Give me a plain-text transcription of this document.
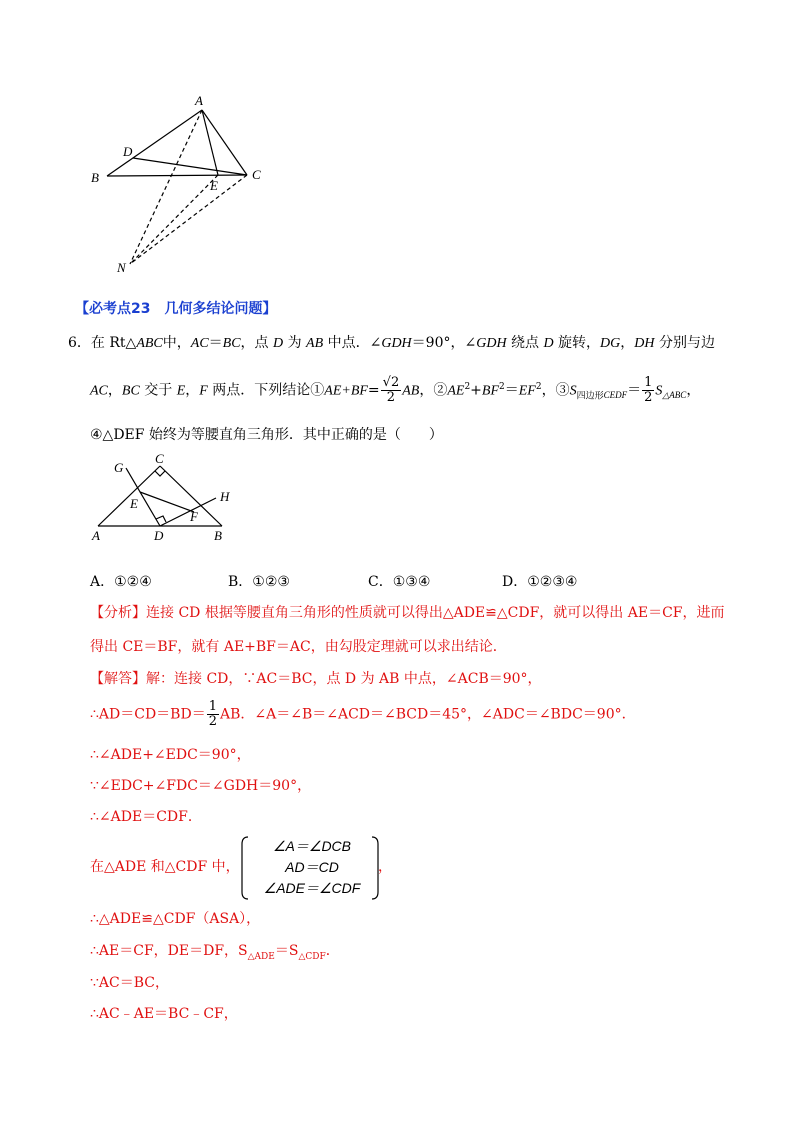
A
B	C
D
E
N
【必考点23　几何多结论问题】
6．在 Rt△ABC中，AC＝BC，点 D 为 AB 中点．∠GDH＝90°，∠GDH 绕点 D 旋转，DG，DH 分别与边
AC，BC 交于 E，F 两点．下列结论①AE+BF= $\frac{√2}{2}$ AB，$②AE^2+BF^2=EF^2$，$③S_{四边形CEDF}= \frac{1}{2} S_{\triangle ABC}$，
④△DEF 始终为等腰直角三角形．其中正确的是（　　）
G
C
H
E
F
A	D	B
A．①②④	B．①②③	C．①③④	D．①②③④
【分析】连接 CD 根据等腰直角三角形的性质就可以得出△ADE≌△CDF，就可以得出 AE＝CF，进而
得出 CE＝BF，就有 AE+BF＝AC，由勾股定理就可以求出结论．
【解答】解：连接 CD，∵AC＝BC，点 D 为 AB 中点，∠ACB＝90°，
∴AD＝CD＝BD＝ $\frac{1}{2}$ AB．∠A＝∠B＝∠ACD＝∠BCD＝45°，∠ADC＝∠BDC＝90°．
∴∠ADE+∠EDC＝90°，
∵∠EDC+∠FDC＝∠GDH＝90°，
∴∠ADE＝CDF．
在△ADE 和△CDF 中，
∠A＝∠DCB
AD＝CD
∠ADE＝∠CDF
，
∴△ADE≌△CDF（ASA），
∴AE＝CF，DE＝DF，$S_{\triangle ADE}=S_{\triangle CDF}$．
∵AC＝BC，
∴AC﹣AE＝BC﹣CF，
